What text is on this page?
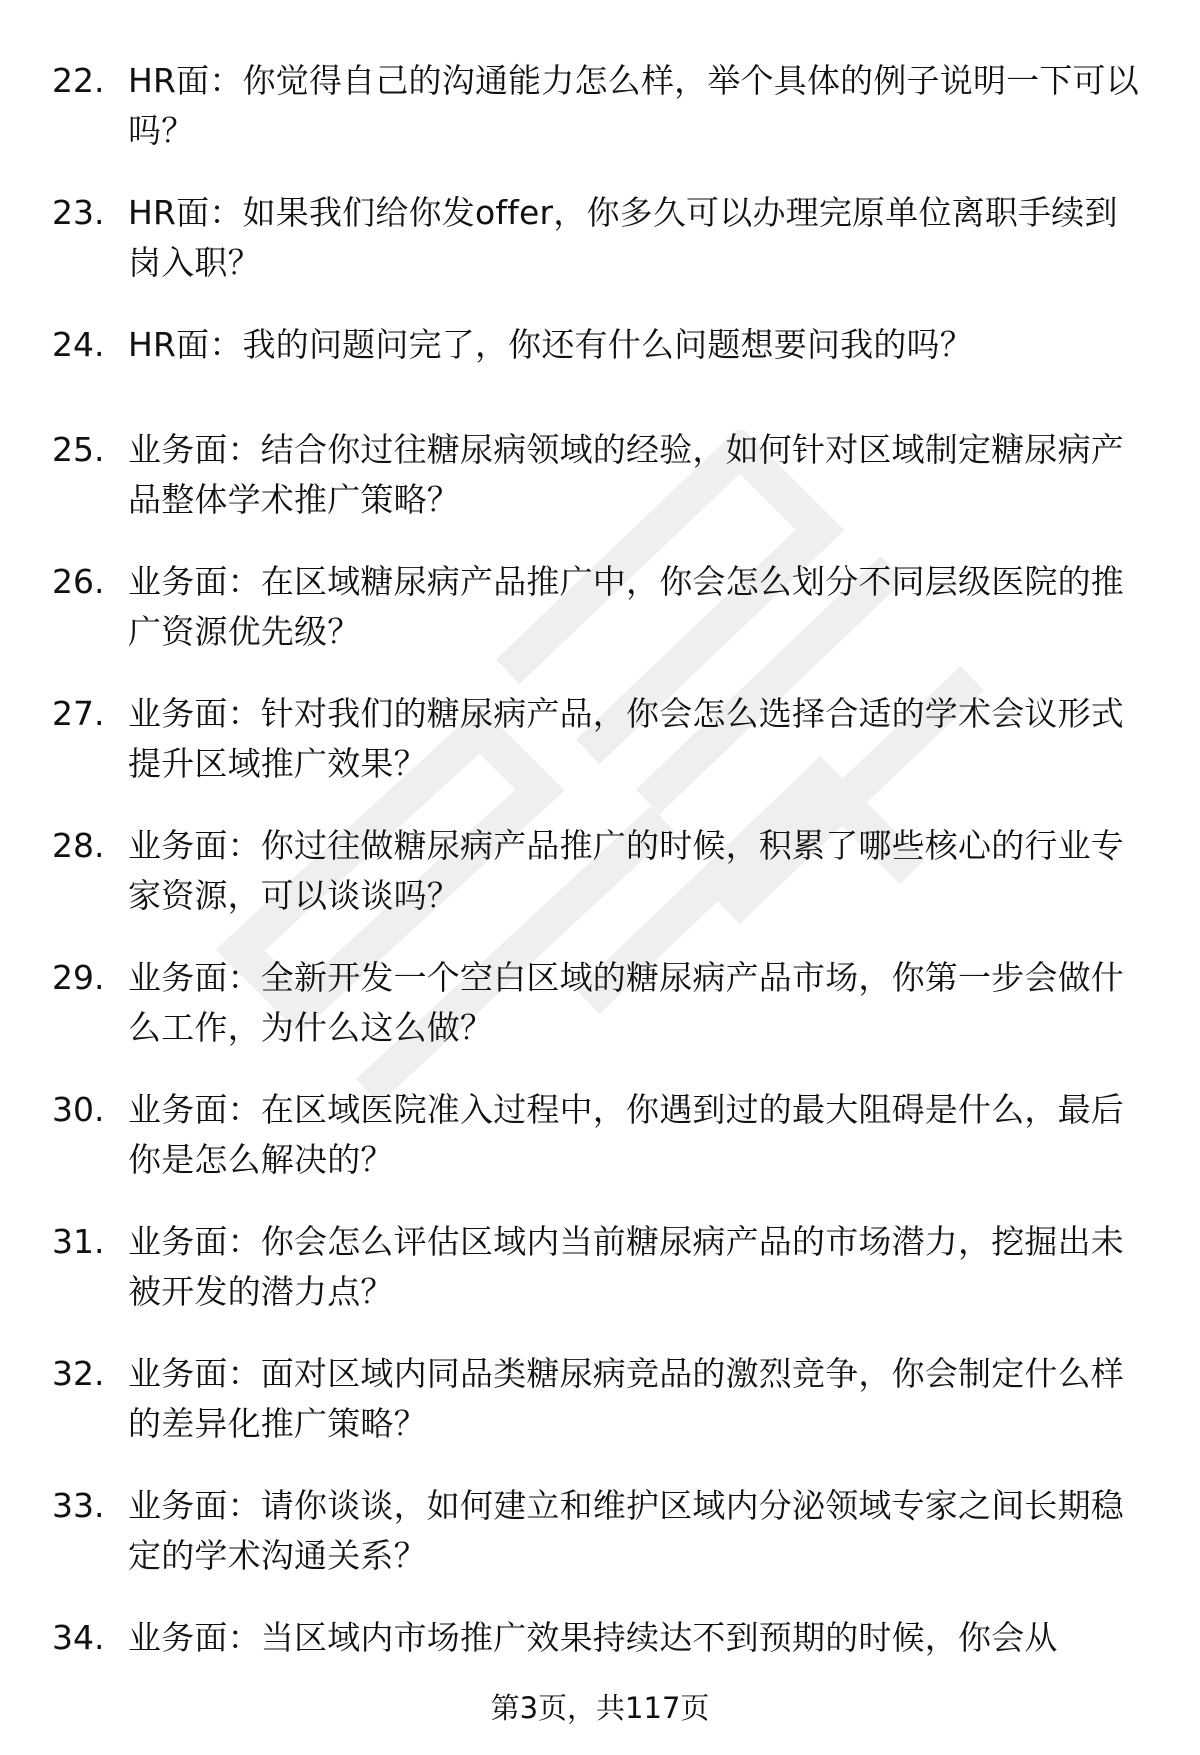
22. HR面：你觉得自己的沟通能力怎么样，举个具体的例子说明一下可以吗？
23. HR面：如果我们给你发offer，你多久可以办理完原单位离职手续到岗入职？
24. HR面：我的问题问完了，你还有什么问题想要问我的吗？
25. 业务面：结合你过往糖尿病领域的经验，如何针对区域制定糖尿病产品整体学术推广策略？
26. 业务面：在区域糖尿病产品推广中，你会怎么划分不同层级医院的推广资源优先级？
27. 业务面：针对我们的糖尿病产品，你会怎么选择合适的学术会议形式提升区域推广效果？
28. 业务面：你过往做糖尿病产品推广的时候，积累了哪些核心的行业专家资源，可以谈谈吗？
29. 业务面：全新开发一个空白区域的糖尿病产品市场，你第一步会做什么工作，为什么这么做？
30. 业务面：在区域医院准入过程中，你遇到过的最大阻碍是什么，最后你是怎么解决的？
31. 业务面：你会怎么评估区域内当前糖尿病产品的市场潜力，挖掘出未被开发的潜力点？
32. 业务面：面对区域内同品类糖尿病竞品的激烈竞争，你会制定什么样的差异化推广策略？
33. 业务面：请你谈谈，如何建立和维护区域内分泌领域专家之间长期稳定的学术沟通关系？
34. 业务面：当区域内市场推广效果持续达不到预期的时候，你会从
第3页，共117页
